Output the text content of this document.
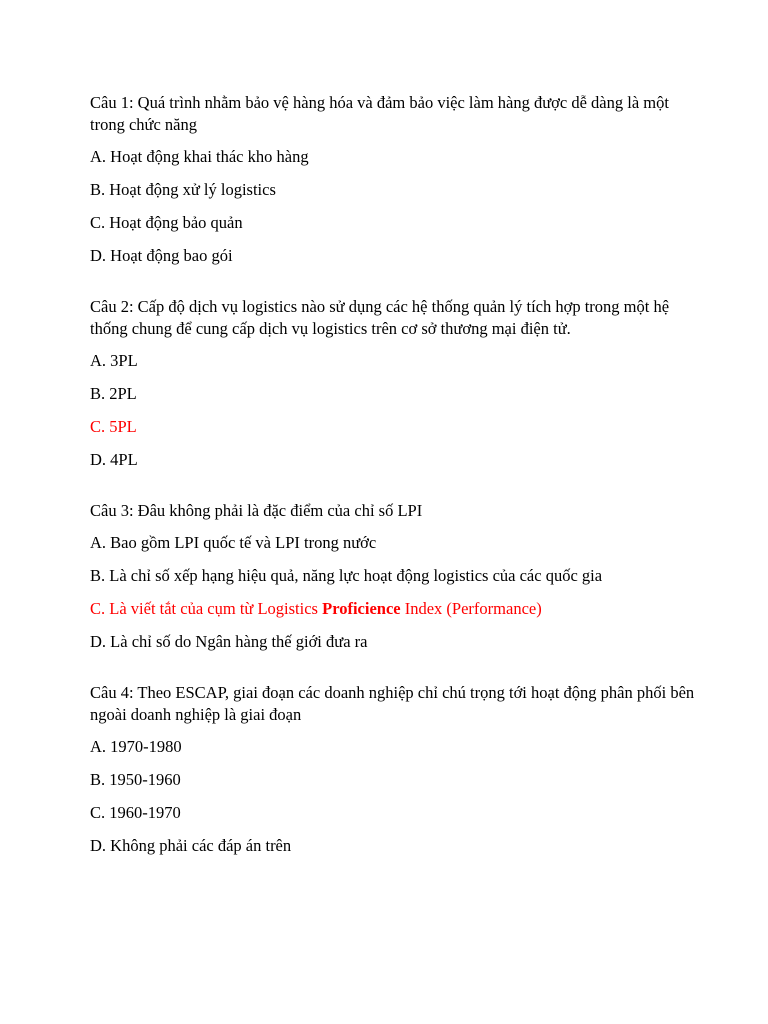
Câu 1: Quá trình nhằm bảo vệ hàng hóa và đảm bảo việc làm hàng được dễ dàng là một trong chức năng

A. Hoạt động khai thác kho hàng
B. Hoạt động xử lý logistics
C. Hoạt động bảo quản
D. Hoạt động bao gói

Câu 2: Cấp độ dịch vụ logistics nào sử dụng các hệ thống quản lý tích hợp trong một hệ thống chung để cung cấp dịch vụ logistics trên cơ sở thương mại điện tử.

A. 3PL
B. 2PL
C. 5PL
D. 4PL

Câu 3: Đâu không phải là đặc điểm của chỉ số LPI

A. Bao gồm LPI quốc tế và LPI trong nước
B. Là chỉ số xếp hạng hiệu quả, năng lực hoạt động logistics của các quốc gia
C. Là viết tắt của cụm từ Logistics Proficience Index (Performance)
D. Là chỉ số do Ngân hàng thế giới đưa ra

Câu 4: Theo ESCAP, giai đoạn các doanh nghiệp chỉ chú trọng tới hoạt động phân phối bên ngoài doanh nghiệp là giai đoạn

A. 1970-1980
B. 1950-1960
C. 1960-1970
D. Không phải các đáp án trên
